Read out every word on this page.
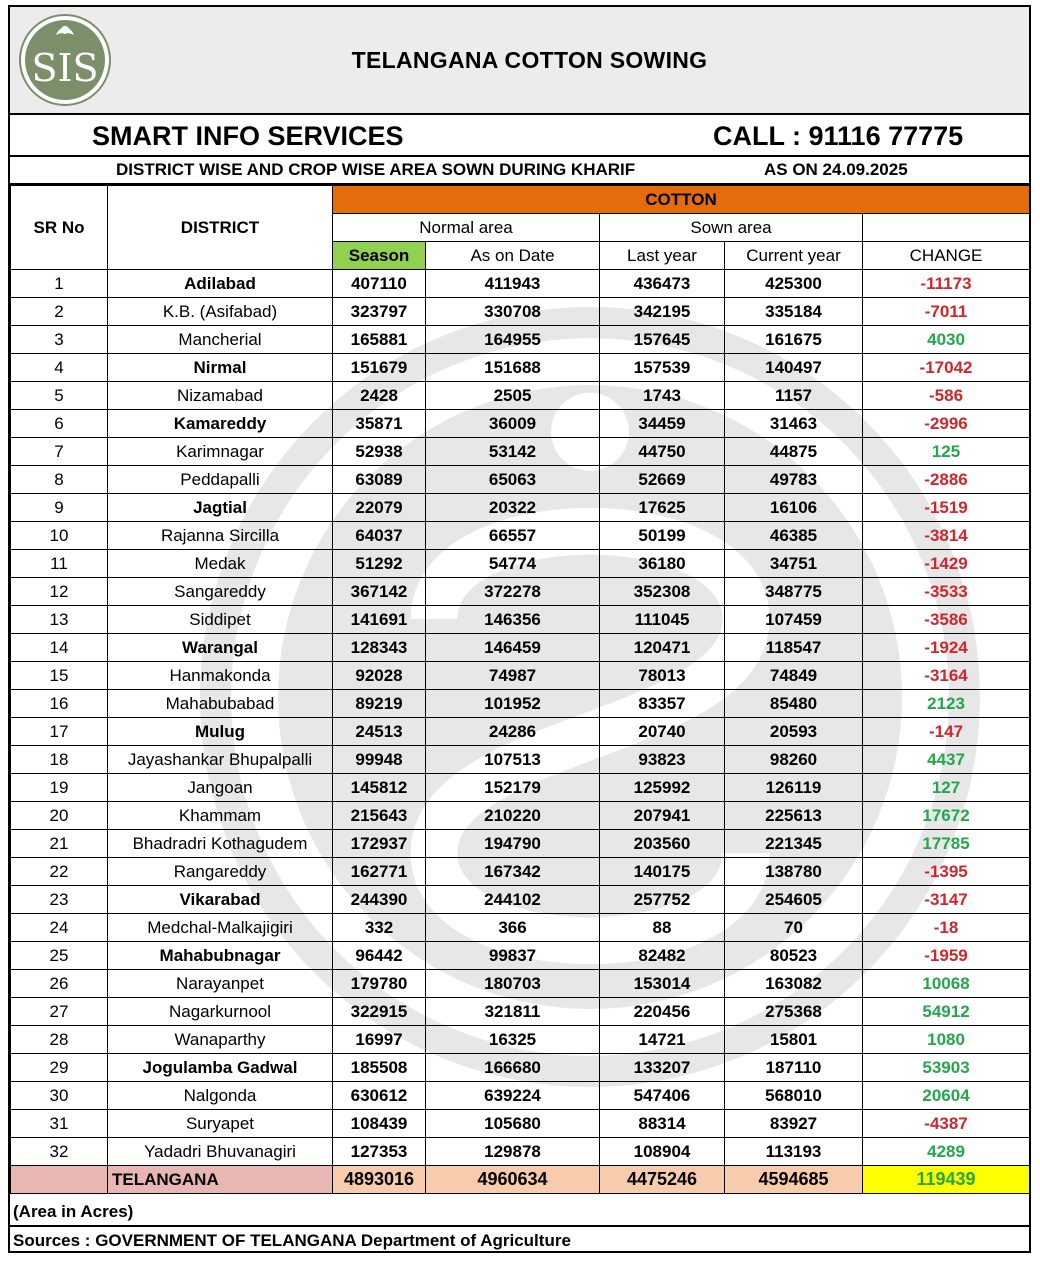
SIS	TELANGANA COTTON SOWING
SMART INFO SERVICES	CALL : 91116 77775
DISTRICT WISE AND CROP WISE AREA SOWN DURING KHARIF	AS ON 24.09.2025
SR No	DISTRICT	COTTON				
		Normal area		Sown area		
		Season	As on Date	Last year	Current year	CHANGE
1	Adilabad	407110	411943	436473	425300	-11173
2	K.B. (Asifabad)	323797	330708	342195	335184	-7011
3	Mancherial	165881	164955	157645	161675	4030
4	Nirmal	151679	151688	157539	140497	-17042
5	Nizamabad	2428	2505	1743	1157	-586
6	Kamareddy	35871	36009	34459	31463	-2996
7	Karimnagar	52938	53142	44750	44875	125
8	Peddapalli	63089	65063	52669	49783	-2886
9	Jagtial	22079	20322	17625	16106	-1519
10	Rajanna Sircilla	64037	66557	50199	46385	-3814
11	Medak	51292	54774	36180	34751	-1429
12	Sangareddy	367142	372278	352308	348775	-3533
13	Siddipet	141691	146356	111045	107459	-3586
14	Warangal	128343	146459	120471	118547	-1924
15	Hanmakonda	92028	74987	78013	74849	-3164
16	Mahabubabad	89219	101952	83357	85480	2123
17	Mulug	24513	24286	20740	20593	-147
18	Jayashankar Bhupalpalli	99948	107513	93823	98260	4437
19	Jangoan	145812	152179	125992	126119	127
20	Khammam	215643	210220	207941	225613	17672
21	Bhadradri Kothagudem	172937	194790	203560	221345	17785
22	Rangareddy	162771	167342	140175	138780	-1395
23	Vikarabad	244390	244102	257752	254605	-3147
24	Medchal-Malkajigiri	332	366	88	70	-18
25	Mahabubnagar	96442	99837	82482	80523	-1959
26	Narayanpet	179780	180703	153014	163082	10068
27	Nagarkurnool	322915	321811	220456	275368	54912
28	Wanaparthy	16997	16325	14721	15801	1080
29	Jogulamba Gadwal	185508	166680	133207	187110	53903
30	Nalgonda	630612	639224	547406	568010	20604
31	Suryapet	108439	105680	88314	83927	-4387
32	Yadadri Bhuvanagiri	127353	129878	108904	113193	4289
	TELANGANA	4893016	4960634	4475246	4594685	119439
(Area in Acres)
Sources : GOVERNMENT OF TELANGANA Department of Agriculture
